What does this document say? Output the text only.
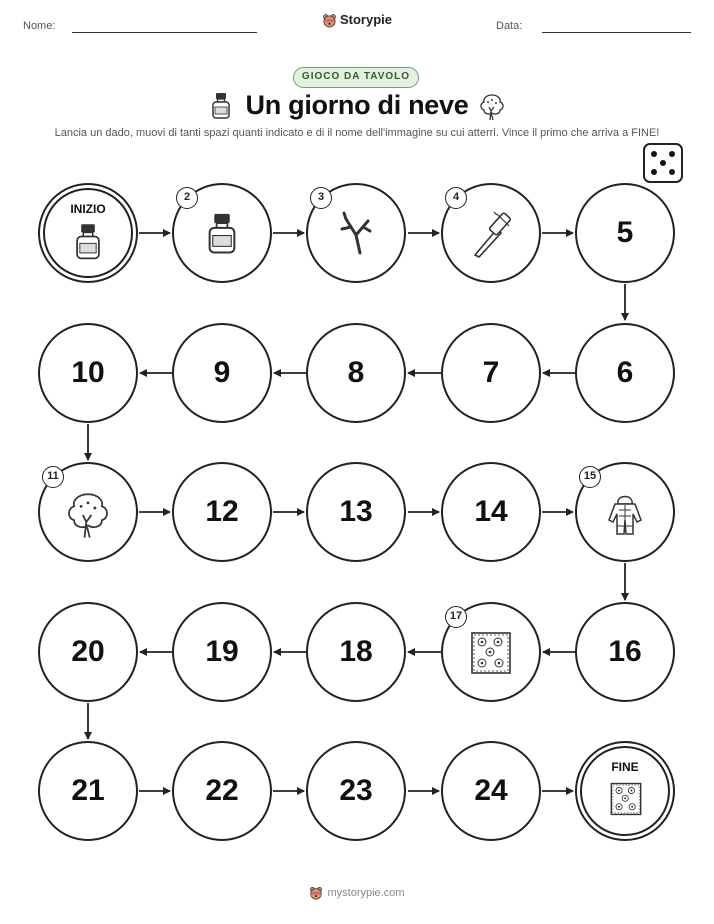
Nome:	Storypie	Data:
GIOCO DA TAVOLO
Un giorno di neve
Lancia un dado, muovi di tanti spazi quanti indicato e di il nome dell'immagine su cui atterri. Vince il primo che arriva a FINE!
INIZIO
2	3	4
5
6
7
8
9
10
11
12	13	14
15
16
17
18
19
20
21	22	23	24
FINE
mystorypie.com
